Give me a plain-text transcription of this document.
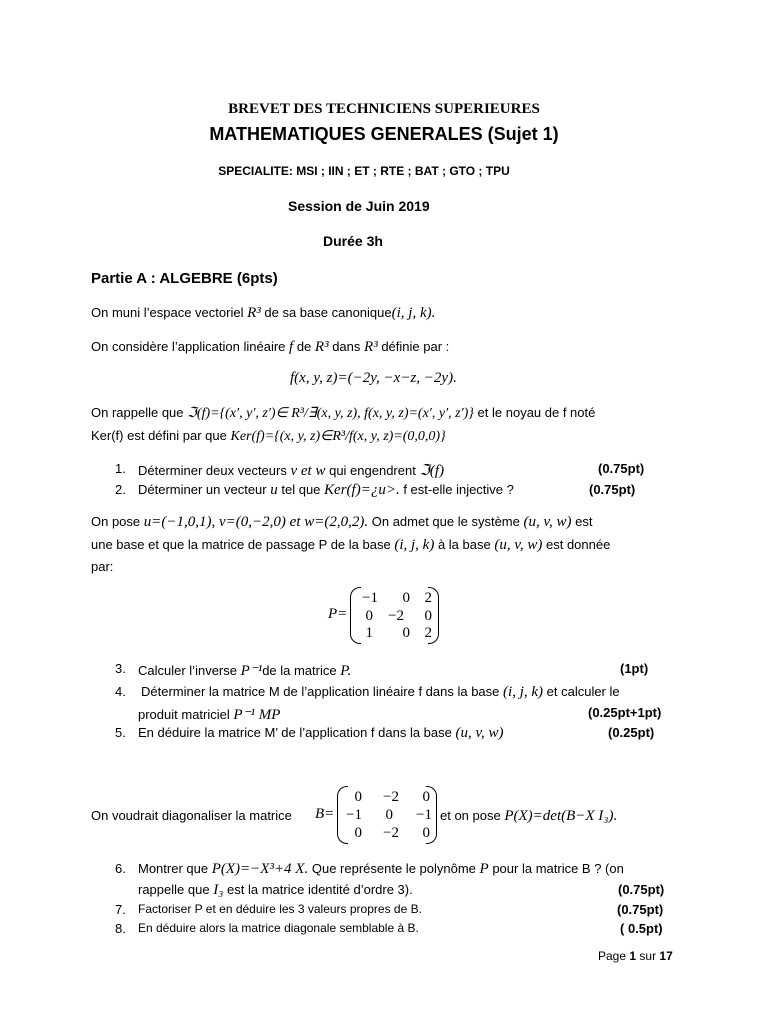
BREVET DES TECHNICIENS SUPERIEURES
MATHEMATIQUES GENERALES (Sujet 1)
SPECIALITE: MSI ; IIN ; ET ; RTE ; BAT ; GTO ; TPU
Session de Juin 2019
Durée 3h
Partie A : ALGEBRE (6pts)
On muni l’espace vectoriel R³ de sa base canonique(i, j, k).
On considère l’application linéaire f de R³ dans R³ définie par :
f(x, y, z)=(−2y, −x−z, −2y).
On rappelle que ℑ(f)={(x′, y′, z′)∈ R³/∃(x, y, z), f(x, y, z)=(x′, y′, z′)} et le noyau de f noté
Ker(f) est défini par que Ker(f)={(x, y, z)∈R³/f(x, y, z)=(0,0,0)}
1. Déterminer deux vecteurs v et w qui engendrent ℑ(f)	(0.75pt)
2. Déterminer un vecteur u tel que Ker(f)=¿u>. f est-elle injective ?	(0.75pt)
On pose u=(−1,0,1), v=(0,−2,0) et w=(2,0,2). On admet que le système (u, v, w) est
une base et que la matrice de passage P de la base (i, j, k) à la base (u, v, w) est donnée
par:
P=
−1	0 2
0	−2	0
1	0 2
3. Calculer l’inverse P⁻¹de la matrice P.	(1pt)
4. Déterminer la matrice M de l’application linéaire f dans la base (i, j, k) et calculer le
produit matriciel P⁻¹ MP	(0.25pt+1pt)
5. En déduire la matrice M’ de l’application f dans la base (u, v, w)	(0.25pt)
On voudrait diagonaliser la matrice B=
0	−2	0
−1	0	−1
0	−2	0
et on pose P(X)=det(B−X I₃).
6. Montrer que P(X)=−X³+4 X. Que représente le polynôme P pour la matrice B ? (on
rappelle que I₃ est la matrice identité d’ordre 3).	(0.75pt)
7. Factoriser P et en déduire les 3 valeurs propres de B.	(0.75pt)
8. En déduire alors la matrice diagonale semblable à B.	( 0.5pt)
Page 1 sur 17
